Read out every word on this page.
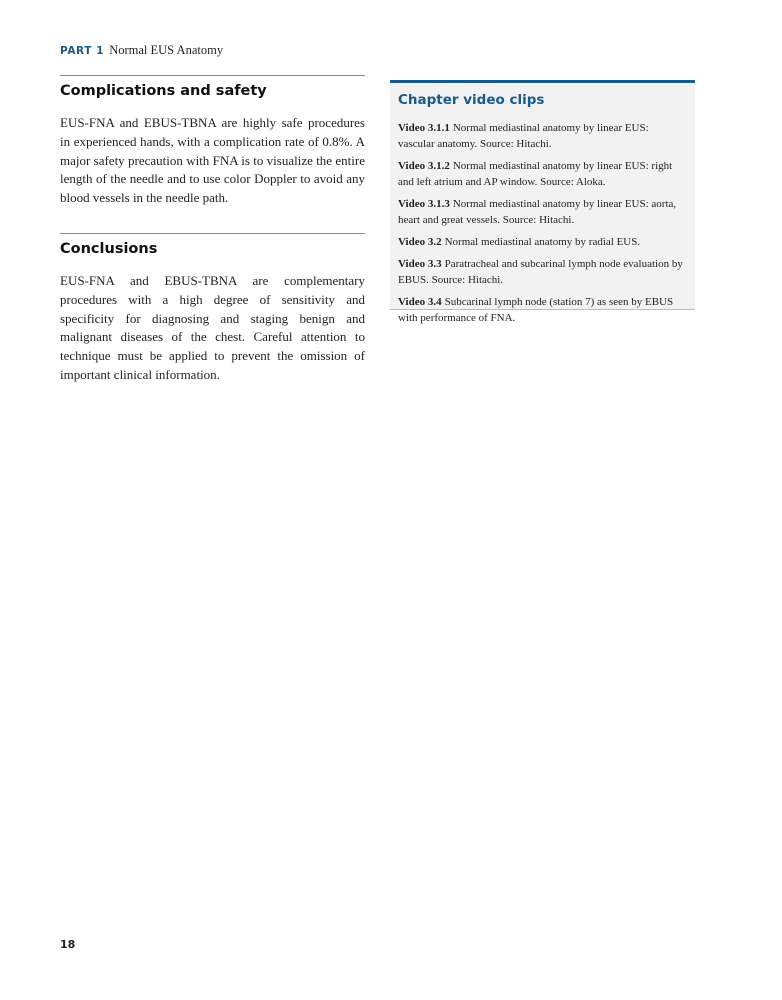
PART 1 Normal EUS Anatomy
Complications and safety

EUS-FNA and EBUS-TBNA are highly safe procedures in experienced hands, with a complication rate of 0.8%. A major safety precaution with FNA is to visualize the entire length of the needle and to use color Doppler to avoid any blood vessels in the needle path.

Conclusions

EUS-FNA and EBUS-TBNA are complementary procedures with a high degree of sensitivity and specificity for diagnosing and staging benign and malignant diseases of the chest. Careful attention to technique must be applied to prevent the omission of important clinical information.

Chapter video clips

Video 3.1.1 Normal mediastinal anatomy by linear EUS: vascular anatomy. Source: Hitachi.

Video 3.1.2 Normal mediastinal anatomy by linear EUS: right and left atrium and AP window. Source: Aloka.

Video 3.1.3 Normal mediastinal anatomy by linear EUS: aorta, heart and great vessels. Source: Hitachi.

Video 3.2 Normal mediastinal anatomy by radial EUS.

Video 3.3 Paratracheal and subcarinal lymph node evaluation by EBUS. Source: Hitachi.

Video 3.4 Subcarinal lymph node (station 7) as seen by EBUS with performance of FNA.

18
